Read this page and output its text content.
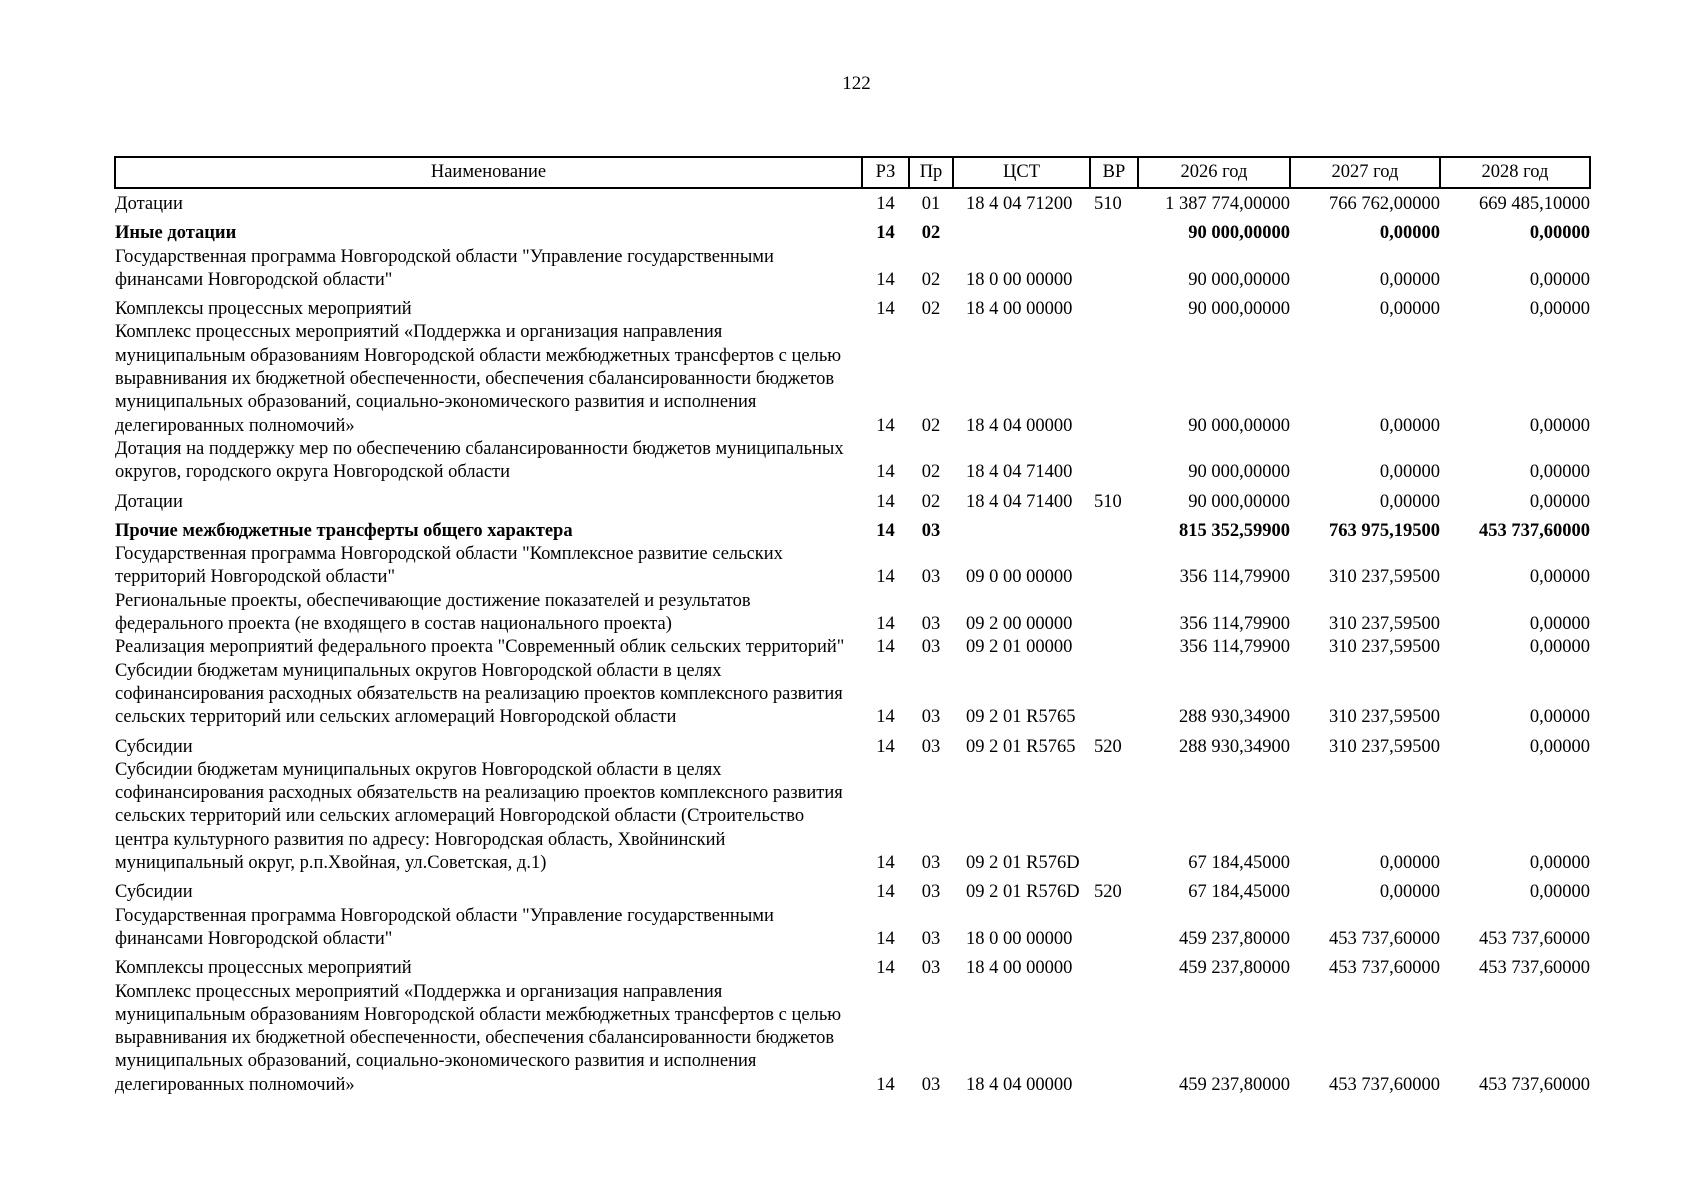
122
Наименование	РЗ	Пр	ЦСТ	ВР	2026 год	2027 год	2028 год
Дотации	14	01	18 4 04 71200	510	1 387 774,00000	766 762,00000	669 485,10000
Иные дотации	14	02			90 000,00000	0,00000	0,00000
Государственная программа Новгородской области "Управление государственными финансами Новгородской области"	14	02	18 0 00 00000		90 000,00000	0,00000	0,00000
Комплексы процессных мероприятий	14	02	18 4 00 00000		90 000,00000	0,00000	0,00000
Комплекс процессных мероприятий «Поддержка и организация направления муниципальным образованиям Новгородской области межбюджетных трансфертов с целью выравнивания их бюджетной обеспеченности, обеспечения сбалансированности бюджетов муниципальных образований, социально-экономического развития и исполнения делегированных полномочий»	14	02	18 4 04 00000		90 000,00000	0,00000	0,00000
Дотация на поддержку мер по обеспечению сбалансированности бюджетов муниципальных округов, городского округа Новгородской области	14	02	18 4 04 71400		90 000,00000	0,00000	0,00000
Дотации	14	02	18 4 04 71400	510	90 000,00000	0,00000	0,00000
Прочие межбюджетные трансферты общего характера	14	03			815 352,59900	763 975,19500	453 737,60000
Государственная программа Новгородской области "Комплексное развитие сельских территорий Новгородской области"	14	03	09 0 00 00000		356 114,79900	310 237,59500	0,00000
Региональные проекты, обеспечивающие достижение показателей и результатов федерального проекта (не входящего в состав национального проекта)	14	03	09 2 00 00000		356 114,79900	310 237,59500	0,00000
Реализация мероприятий федерального проекта "Современный облик сельских территорий"	14	03	09 2 01 00000		356 114,79900	310 237,59500	0,00000
Субсидии бюджетам муниципальных округов Новгородской области в целях софинансирования расходных обязательств на реализацию проектов комплексного развития сельских территорий или сельских агломераций Новгородской области	14	03	09 2 01 R5765		288 930,34900	310 237,59500	0,00000
Субсидии	14	03	09 2 01 R5765	520	288 930,34900	310 237,59500	0,00000
Субсидии бюджетам муниципальных округов Новгородской области в целях софинансирования расходных обязательств на реализацию проектов комплексного развития сельских территорий или сельских агломераций Новгородской области (Строительство центра культурного развития по адресу: Новгородская область, Хвойнинский муниципальный округ, р.п.Хвойная, ул.Советская, д.1)	14	03	09 2 01 R576D		67 184,45000	0,00000	0,00000
Субсидии	14	03	09 2 01 R576D	520	67 184,45000	0,00000	0,00000
Государственная программа Новгородской области "Управление государственными финансами Новгородской области"	14	03	18 0 00 00000		459 237,80000	453 737,60000	453 737,60000
Комплексы процессных мероприятий	14	03	18 4 00 00000		459 237,80000	453 737,60000	453 737,60000
Комплекс процессных мероприятий «Поддержка и организация направления муниципальным образованиям Новгородской области межбюджетных трансфертов с целью выравнивания их бюджетной обеспеченности, обеспечения сбалансированности бюджетов муниципальных образований, социально-экономического развития и исполнения делегированных полномочий»	14	03	18 4 04 00000		459 237,80000	453 737,60000	453 737,60000
